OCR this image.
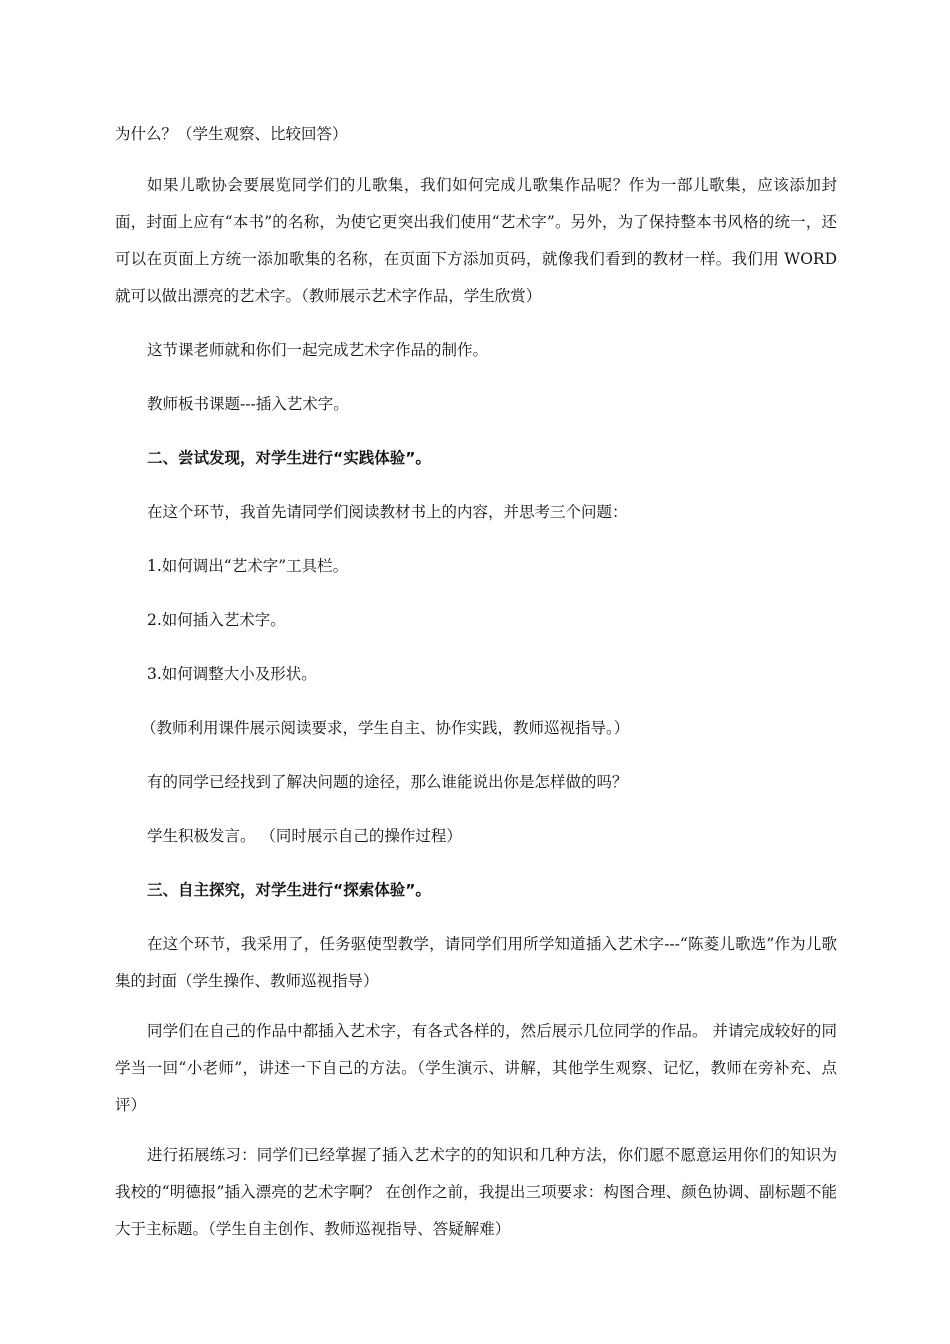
为什么？（学生观察、比较回答）

如果儿歌协会要展览同学们的儿歌集，我们如何完成儿歌集作品呢？作为一部儿歌集，应该添加封面，封面上应有“本书”的名称，为使它更突出我们使用“艺术字”。另外，为了保持整本书风格的统一，还可以在页面上方统一添加歌集的名称，在页面下方添加页码，就像我们看到的教材一样。我们用 WORD 就可以做出漂亮的艺术字。（教师展示艺术字作品，学生欣赏）

这节课老师就和你们一起完成艺术字作品的制作。

教师板书课题---插入艺术字。

二、尝试发现，对学生进行“实践体验”。

在这个环节，我首先请同学们阅读教材书上的内容，并思考三个问题：

1.如何调出“艺术字”工具栏。

2.如何插入艺术字。

3.如何调整大小及形状。

（教师利用课件展示阅读要求，学生自主、协作实践，教师巡视指导。）

有的同学已经找到了解决问题的途径，那么谁能说出你是怎样做的吗？

学生积极发言。 （同时展示自己的操作过程）

三、自主探究，对学生进行“探索体验”。

在这个环节，我采用了，任务驱使型教学，请同学们用所学知道插入艺术字---“陈菱儿歌选”作为儿歌集的封面（学生操作、教师巡视指导）

同学们在自己的作品中都插入艺术字，有各式各样的，然后展示几位同学的作品。 并请完成较好的同学当一回“小老师”，讲述一下自己的方法。（学生演示、讲解，其他学生观察、记忆，教师在旁补充、点评）

进行拓展练习：同学们已经掌握了插入艺术字的的知识和几种方法，你们愿不愿意运用你们的知识为我校的“明德报”插入漂亮的艺术字啊？ 在创作之前，我提出三项要求：构图合理、颜色协调、副标题不能大于主标题。（学生自主创作、教师巡视指导、答疑解难）
